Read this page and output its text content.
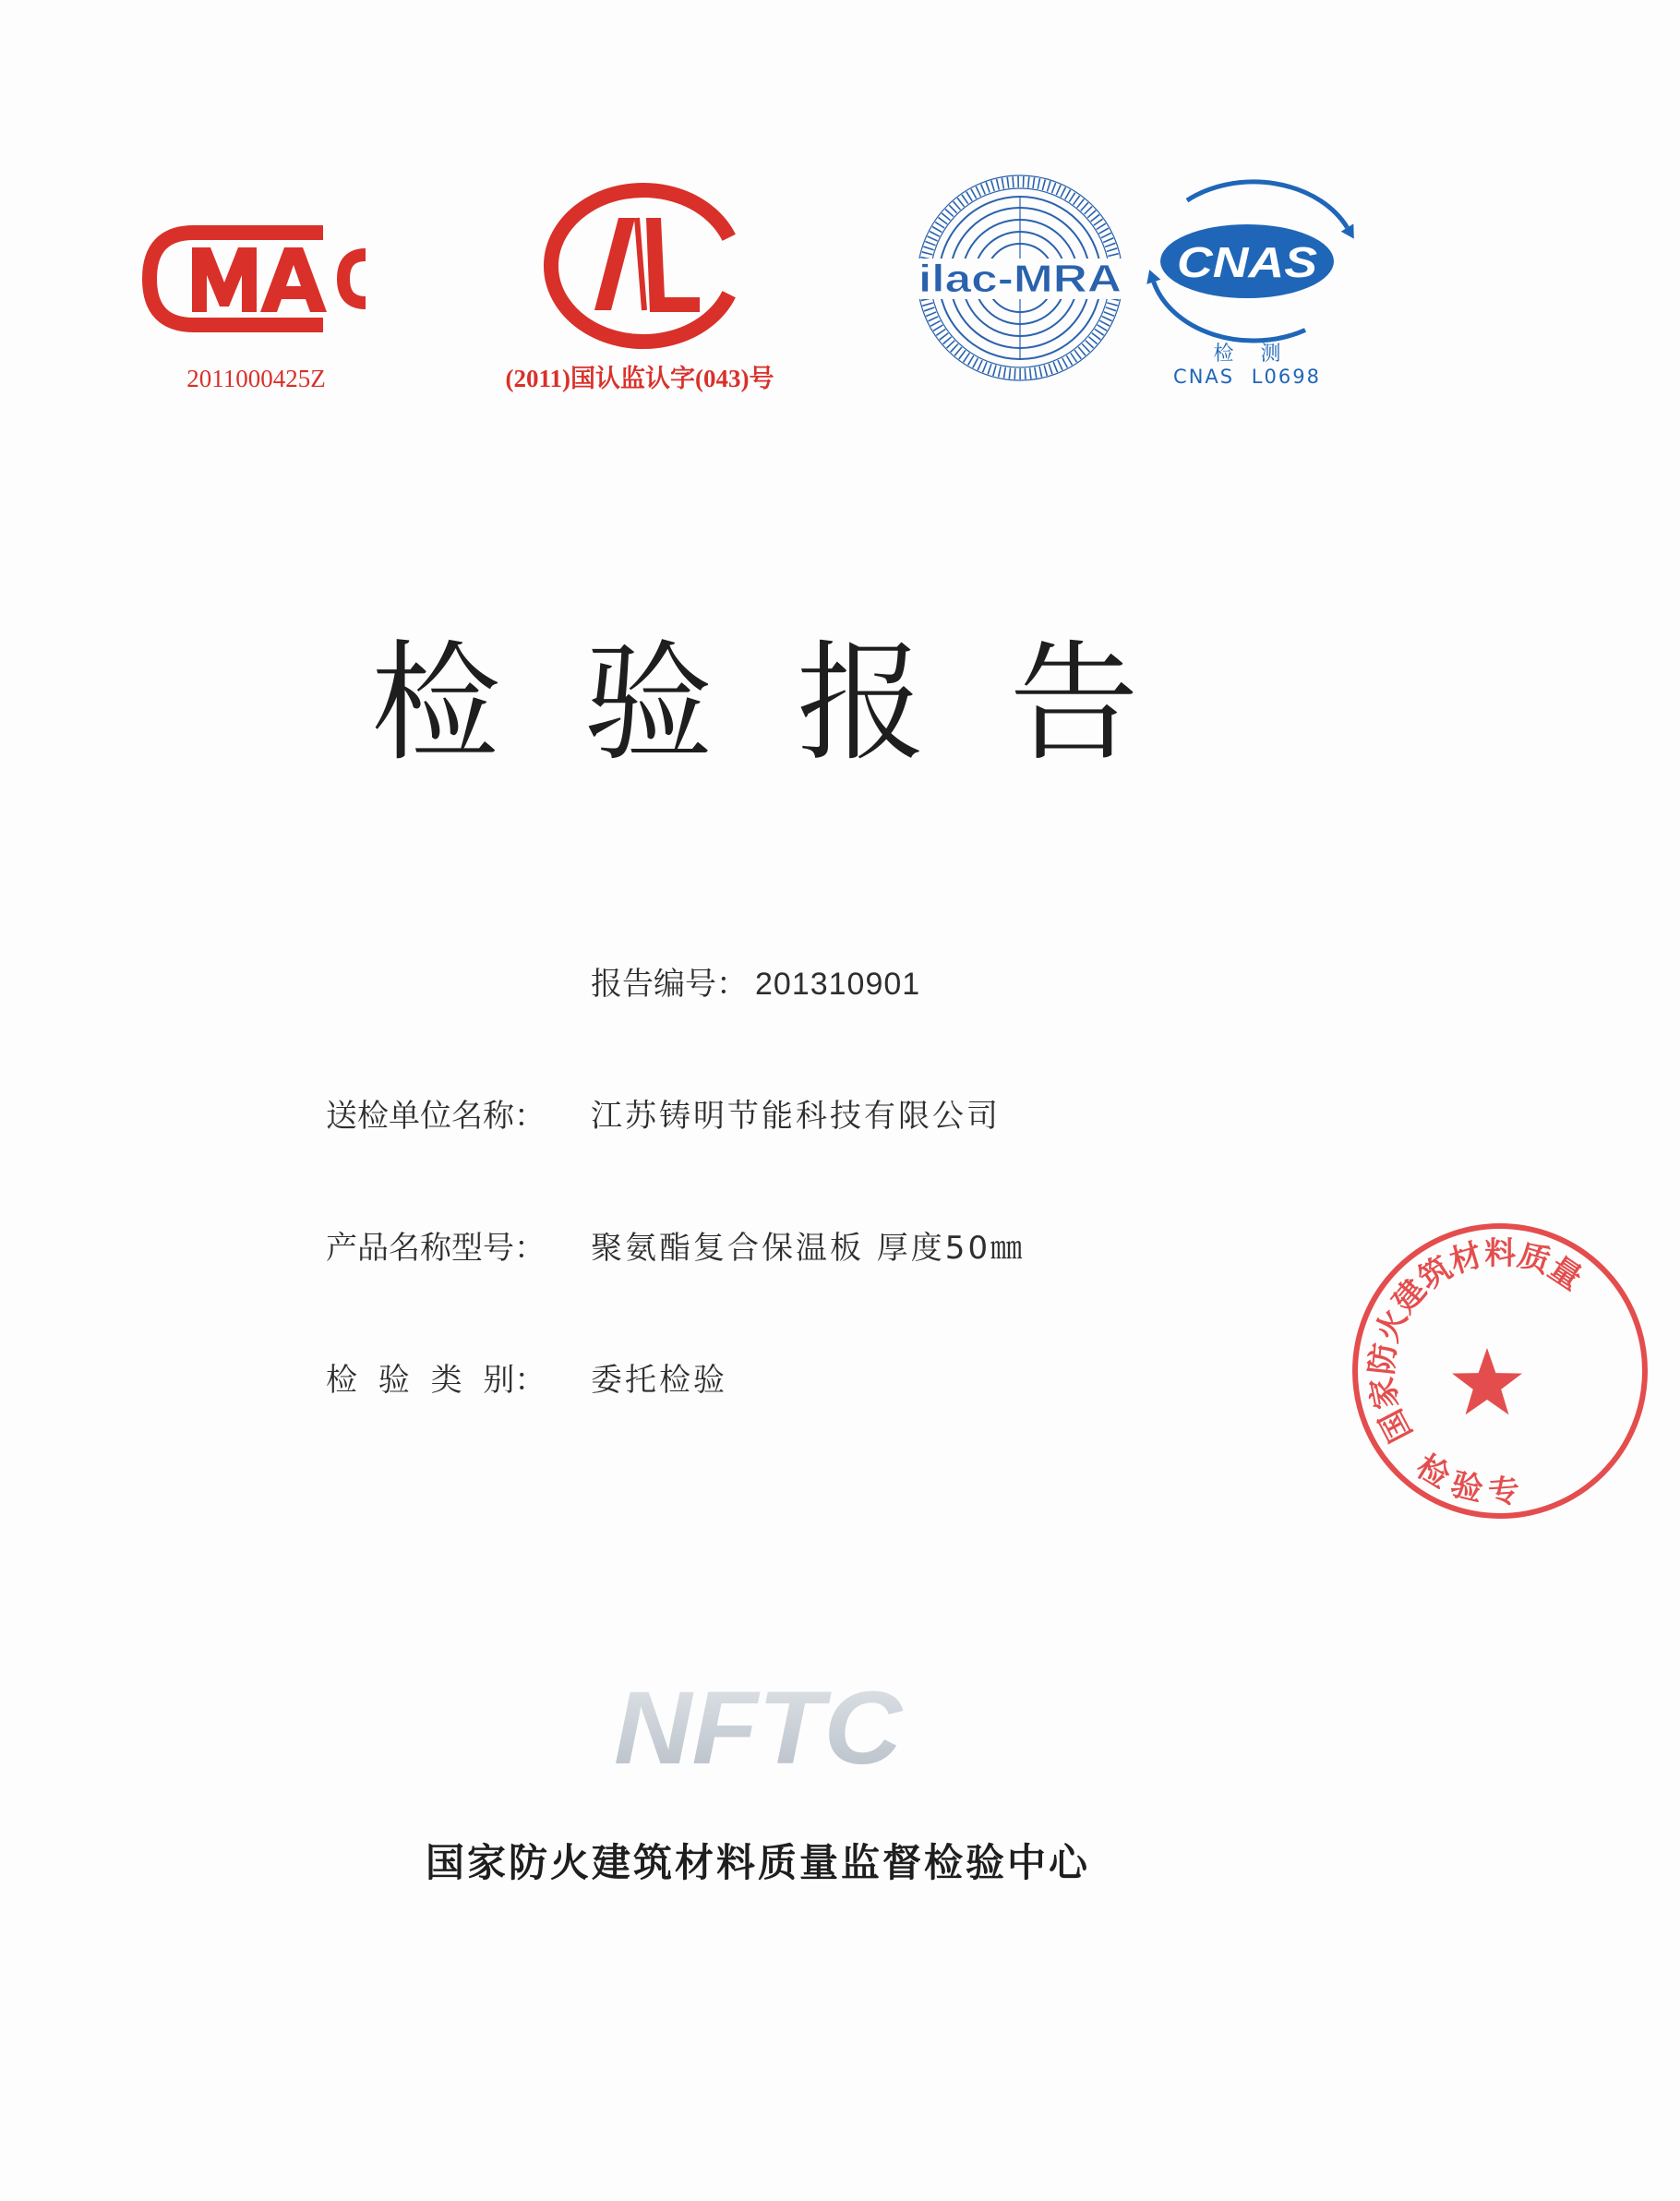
2011000425Z	(2011)国认监认字(043)号
ilac-MRA CNAS
检 测
CNAS L0698
检 验 报 告
报告编号： 201310901
送检单位名称：	江苏铸明节能科技有限公司
产品名称型号：	聚氨酯复合保温板 厚度50㎜
检 验 类 别：	委托检验
NFTC
国家防火建筑材料质量监督检验中心
国家防火建筑材料质量
检验专
